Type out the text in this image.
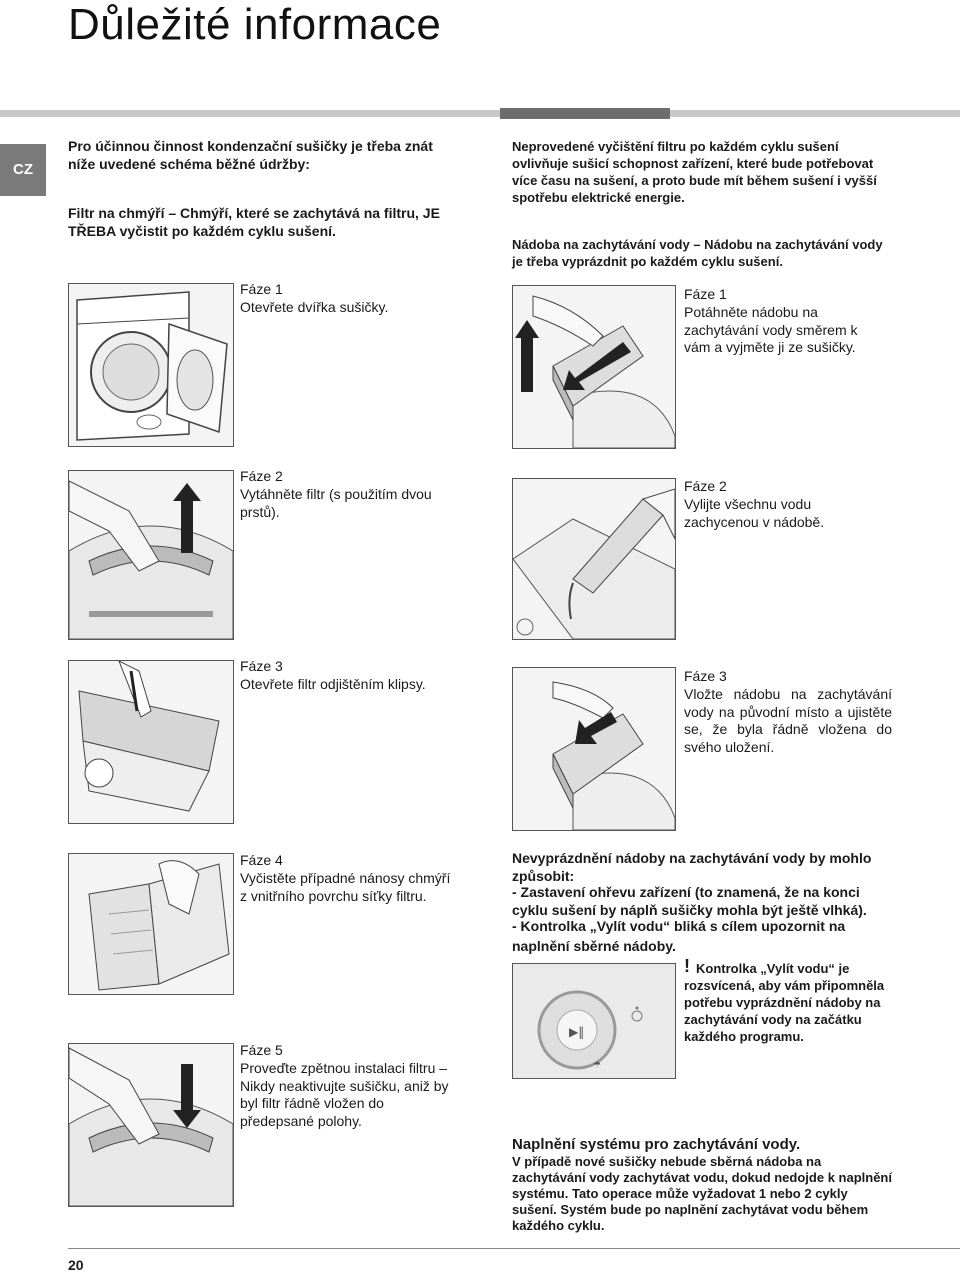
Důležité informace
CZ

Pro účinnou činnost kondenzační sušičky je třeba znát níže uvedené schéma běžné údržby:

Filtr na chmýří – Chmýří, které se zachytává na filtru, JE TŘEBA vyčistit po každém cyklu sušení.

Fáze 1

Otevřete dvířka sušičky.

Fáze 2

Vytáhněte filtr (s použitím dvou prstů).

Fáze 3

Otevřete filtr odjištěním klipsy.

Fáze 4

Vyčistěte případné nánosy chmýří z vnitřního povrchu síťky filtru.

Fáze 5

Proveďte zpětnou instalaci filtru – Nikdy neaktivujte sušičku, aniž by byl filtr řádně vložen do předepsané polohy.

Neprovedené vyčištění filtru po každém cyklu sušení ovlivňuje sušicí schopnost zařízení, které bude potřebovat více času na sušení, a proto bude mít během sušení i vyšší spotřebu elektrické energie.

Nádoba na zachytávání vody – Nádobu na zachytávání vody je třeba vyprázdnit po každém cyklu sušení.

Fáze 1

Potáhněte nádobu na zachytávání vody směrem k vám a vyjměte ji ze sušičky.

Fáze 2

Vylijte všechnu vodu zachycenou v nádobě.

Fáze 3

Vložte nádobu na zachytávání vody na původní místo a ujistěte se, že byla řádně vložena do svého uložení.

Nevyprázdnění nádoby na zachytávání vody by mohlo způsobit:

- Zastavení ohřevu zařízení (to znamená, že na konci cyklu sušení by náplň sušičky mohla být ještě vlhká).

- Kontrolka „Vylít vodu“ bliká s cílem upozornit na naplnění sběrné nádoby.

▶‖
☂
! Kontrolka „Vylít vodu“ je rozsvícená, aby vám připomněla potřebu vyprázdnění nádoby na zachytávání vody na začátku každého programu.

Naplnění systému pro zachytávání vody.

V případě nové sušičky nebude sběrná nádoba na zachytávání vody zachytávat vodu, dokud nedojde k naplnění systému. Tato operace může vyžadovat 1 nebo 2 cykly sušení. Systém bude po naplnění zachytávat vodu během každého cyklu.

20
